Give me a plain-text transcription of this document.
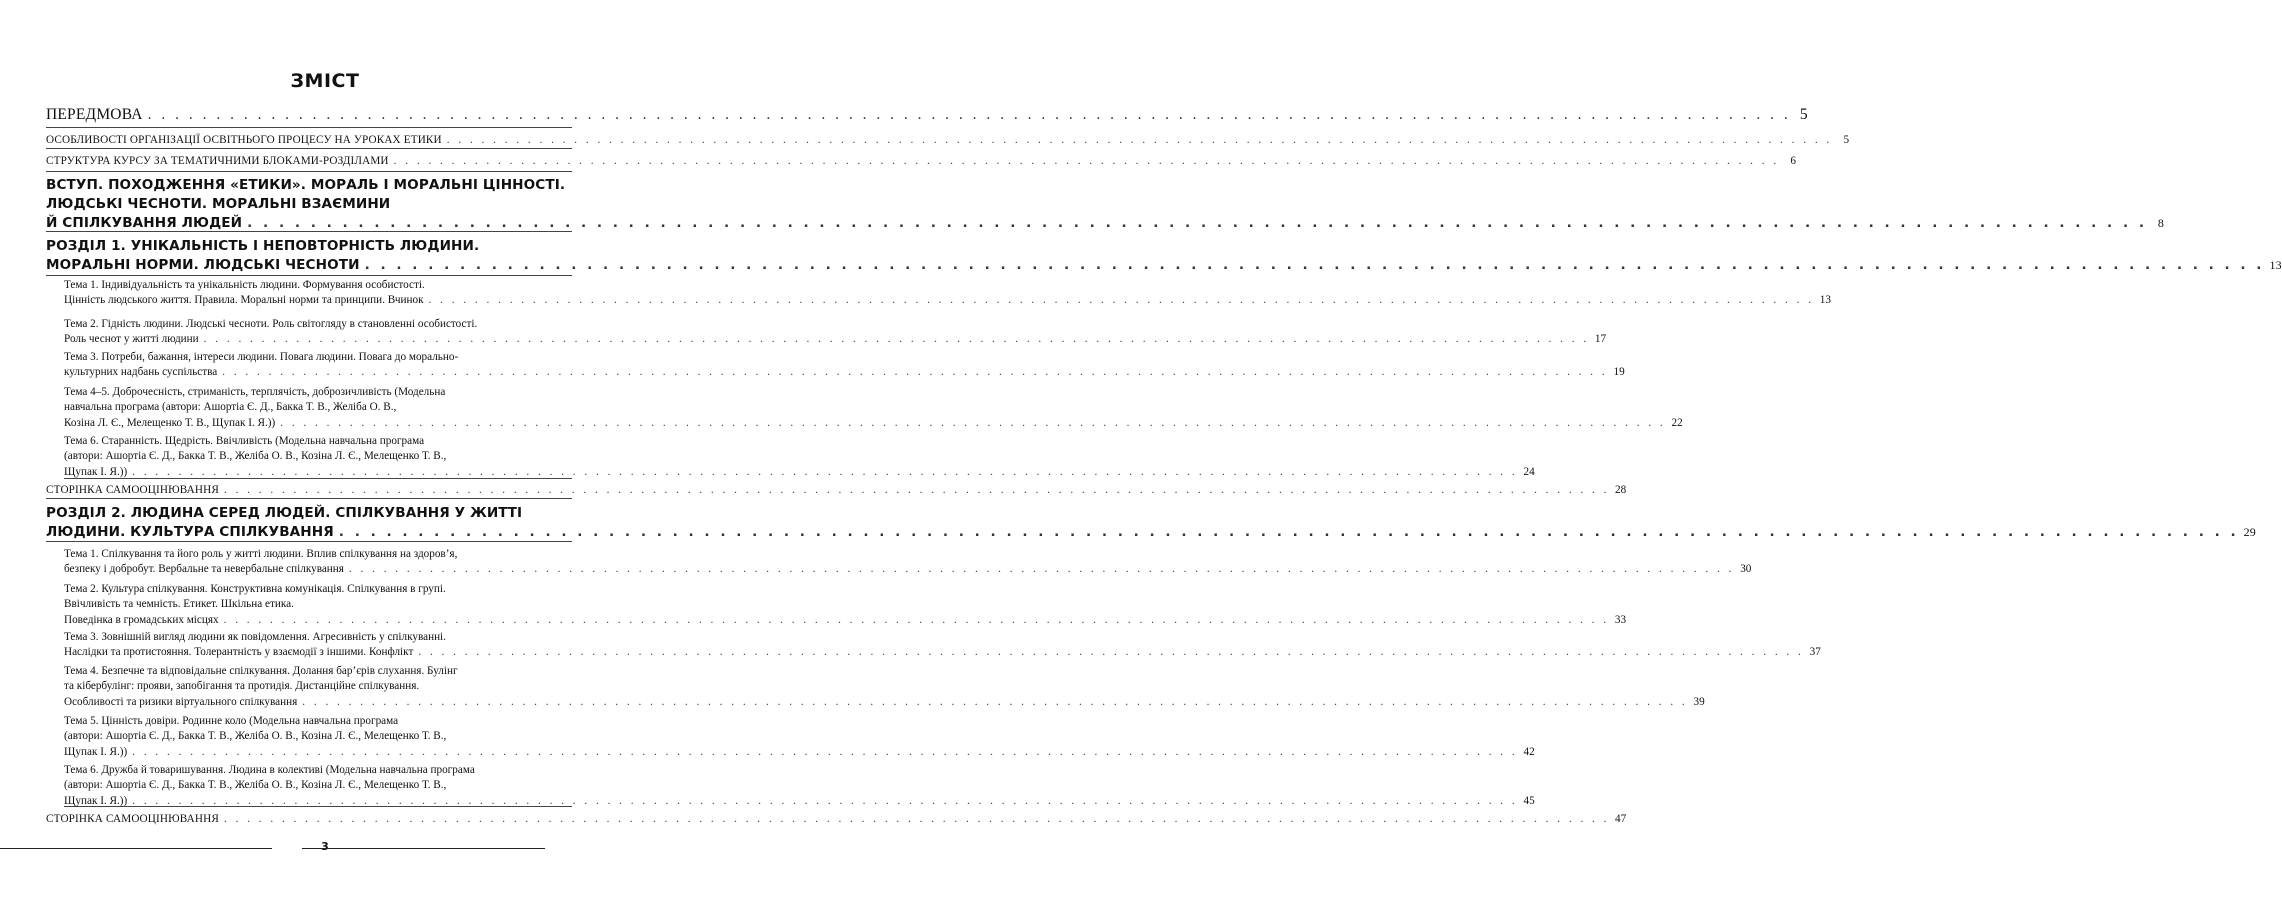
ЗМІСТ
ПЕРЕДМОВА . . . . . . . . . . . . . . . . . . . . . . . . . . . . . . . . . . . . . . . . . . . . . . . . . . . . . . . . . . . . . . . . . . . . . . . . . . . . . . . . . . . . . . . . . . . . . . . . . . . . . . . . . . . . . . . . . . . . . . . . 5
ОСОБЛИВОСТІ ОРГАНІЗАЦІЇ ОСВІТНЬОГО ПРОЦЕСУ НА УРОКАХ ЕТИКИ . . . . . . . . . . . . . . . . . . . . . . . . . . . . . . . . . . . . . . . . . . . . . . . . . . . . . . . . . . . . . . . . . . . . . . . . . . . . . . . . . . . . . . . . . . . . . . . . . . . . . . . . . . . . . . . . . . . . . . . .	5
СТРУКТУРА КУРСУ ЗА ТЕМАТИЧНИМИ БЛОКАМИ-РОЗДІЛАМИ . . . . . . . . . . . . . . . . . . . . . . . . . . . . . . . . . . . . . . . . . . . . . . . . . . . . . . . . . . . . . . . . . . . . . . . . . . . . . . . . . . . . . . . . . . . . . . . . . . . . . . . . . . . . . . . . . . . . . . . .	6
ВСТУП. ПОХОДЖЕННЯ «ЕТИКИ». МОРАЛЬ І МОРАЛЬНІ ЦІННОСТІ.
ЛЮДСЬКІ ЧЕСНОТИ. МОРАЛЬНІ ВЗАЄМИНИ
Й СПІЛКУВАННЯ ЛЮДЕЙ . . . . . . . . . . . . . . . . . . . . . . . . . . . . . . . . . . . . . . . . . . . . . . . . . . . . . . . . . . . . . . . . . . . . . . . . . . . . . . . . . . . . . . . . . . . . . . . . . . . . . . . . . . . . . . . . . . . . . . . . 8
РОЗДІЛ 1. УНІКАЛЬНІСТЬ І НЕПОВТОРНІСТЬ ЛЮДИНИ.
МОРАЛЬНІ НОРМИ. ЛЮДСЬКІ ЧЕСНОТИ . . . . . . . . . . . . . . . . . . . . . . . . . . . . . . . . . . . . . . . . . . . . . . . . . . . . . . . . . . . . . . . . . . . . . . . . . . . . . . . . . . . . . . . . . . . . . . . . . . . . . . . . . . . . . . . . . . . . . . . . 13
Тема 1. Індивідуальність та унікальність людини. Формування особистості.
Цінність людського життя. Правила. Моральні норми та принципи. Вчинок . . . . . . . . . . . . . . . . . . . . . . . . . . . . . . . . . . . . . . . . . . . . . . . . . . . . . . . . . . . . . . . . . . . . . . . . . . . . . . . . . . . . . . . . . . . . . . . . . . . . . . . . . . . . . . . . . . . . . . . . 13
Тема 2. Гідність людини. Людські чесноти. Роль світогляду в становленні особистості.
Роль чеснот у житті людини . . . . . . . . . . . . . . . . . . . . . . . . . . . . . . . . . . . . . . . . . . . . . . . . . . . . . . . . . . . . . . . . . . . . . . . . . . . . . . . . . . . . . . . . . . . . . . . . . . . . . . . . . . . . . . . . . . . . . . . . 17
Тема 3. Потреби, бажання, інтереси людини. Повага людини. Повага до морально-
культурних надбань суспільства . . . . . . . . . . . . . . . . . . . . . . . . . . . . . . . . . . . . . . . . . . . . . . . . . . . . . . . . . . . . . . . . . . . . . . . . . . . . . . . . . . . . . . . . . . . . . . . . . . . . . . . . . . . . . . . . . . . . . . . . 19
Тема 4–5. Доброчесність, стриманість, терплячість, доброзичливість (Модельна
навчальна програма (автори: Ашортіа Є. Д., Бакка Т. В., Желіба О. В.,
Козіна Л. Є., Мелещенко Т. В., Щупак І. Я.)) . . . . . . . . . . . . . . . . . . . . . . . . . . . . . . . . . . . . . . . . . . . . . . . . . . . . . . . . . . . . . . . . . . . . . . . . . . . . . . . . . . . . . . . . . . . . . . . . . . . . . . . . . . . . . . . . . . . . . . . . 22
Тема 6. Старанність. Щедрість. Ввічливість (Модельна навчальна програма
(автори: Ашортіа Є. Д., Бакка Т. В., Желіба О. В., Козіна Л. Є., Мелещенко Т. В.,
Щупак І. Я.)) . . . . . . . . . . . . . . . . . . . . . . . . . . . . . . . . . . . . . . . . . . . . . . . . . . . . . . . . . . . . . . . . . . . . . . . . . . . . . . . . . . . . . . . . . . . . . . . . . . . . . . . . . . . . . . . . . . . . . . . . 24
СТОРІНКА САМООЦІНЮВАННЯ . . . . . . . . . . . . . . . . . . . . . . . . . . . . . . . . . . . . . . . . . . . . . . . . . . . . . . . . . . . . . . . . . . . . . . . . . . . . . . . . . . . . . . . . . . . . . . . . . . . . . . . . . . . . . . . . . . . . . . . . 28
РОЗДІЛ 2. ЛЮДИНА СЕРЕД ЛЮДЕЙ. СПІЛКУВАННЯ У ЖИТТІ
ЛЮДИНИ. КУЛЬТУРА СПІЛКУВАННЯ . . . . . . . . . . . . . . . . . . . . . . . . . . . . . . . . . . . . . . . . . . . . . . . . . . . . . . . . . . . . . . . . . . . . . . . . . . . . . . . . . . . . . . . . . . . . . . . . . . . . . . . . . . . . . . . . . . . . . . . . 29
Тема 1. Спілкування та його роль у житті людини. Вплив спілкування на здоров’я,
безпеку і добробут. Вербальне та невербальне спілкування . . . . . . . . . . . . . . . . . . . . . . . . . . . . . . . . . . . . . . . . . . . . . . . . . . . . . . . . . . . . . . . . . . . . . . . . . . . . . . . . . . . . . . . . . . . . . . . . . . . . . . . . . . . . . . . . . . . . . . . . 30
Тема 2. Культура спілкування. Конструктивна комунікація. Спілкування в групі.
Ввічливість та чемність. Етикет. Шкільна етика.
Поведінка в громадських місцях . . . . . . . . . . . . . . . . . . . . . . . . . . . . . . . . . . . . . . . . . . . . . . . . . . . . . . . . . . . . . . . . . . . . . . . . . . . . . . . . . . . . . . . . . . . . . . . . . . . . . . . . . . . . . . . . . . . . . . . . 33
Тема 3. Зовнішній вигляд людини як повідомлення. Агресивність у спілкуванні.
Наслідки та протистояння. Толерантність у взаємодії з іншими. Конфлікт . . . . . . . . . . . . . . . . . . . . . . . . . . . . . . . . . . . . . . . . . . . . . . . . . . . . . . . . . . . . . . . . . . . . . . . . . . . . . . . . . . . . . . . . . . . . . . . . . . . . . . . . . . . . . . . . . . . . . . . . 37
Тема 4. Безпечне та відповідальне спілкування. Долання бар’єрів слухання. Булінг
та кібербулінг: прояви, запобігання та протидія. Дистанційне спілкування.
Особливості та ризики віртуального спілкування . . . . . . . . . . . . . . . . . . . . . . . . . . . . . . . . . . . . . . . . . . . . . . . . . . . . . . . . . . . . . . . . . . . . . . . . . . . . . . . . . . . . . . . . . . . . . . . . . . . . . . . . . . . . . . . . . . . . . . . . 39
Тема 5. Цінність довіри. Родинне коло (Модельна навчальна програма
(автори: Ашортіа Є. Д., Бакка Т. В., Желіба О. В., Козіна Л. Є., Мелещенко Т. В.,
Щупак І. Я.)) . . . . . . . . . . . . . . . . . . . . . . . . . . . . . . . . . . . . . . . . . . . . . . . . . . . . . . . . . . . . . . . . . . . . . . . . . . . . . . . . . . . . . . . . . . . . . . . . . . . . . . . . . . . . . . . . . . . . . . . . 42
Тема 6. Дружба й товаришування. Людина в колективі (Модельна навчальна програма
(автори: Ашортіа Є. Д., Бакка Т. В., Желіба О. В., Козіна Л. Є., Мелещенко Т. В.,
Щупак І. Я.)) . . . . . . . . . . . . . . . . . . . . . . . . . . . . . . . . . . . . . . . . . . . . . . . . . . . . . . . . . . . . . . . . . . . . . . . . . . . . . . . . . . . . . . . . . . . . . . . . . . . . . . . . . . . . . . . . . . . . . . . . 45
СТОРІНКА САМООЦІНЮВАННЯ . . . . . . . . . . . . . . . . . . . . . . . . . . . . . . . . . . . . . . . . . . . . . . . . . . . . . . . . . . . . . . . . . . . . . . . . . . . . . . . . . . . . . . . . . . . . . . . . . . . . . . . . . . . . . . . . . . . . . . . . 47
3
